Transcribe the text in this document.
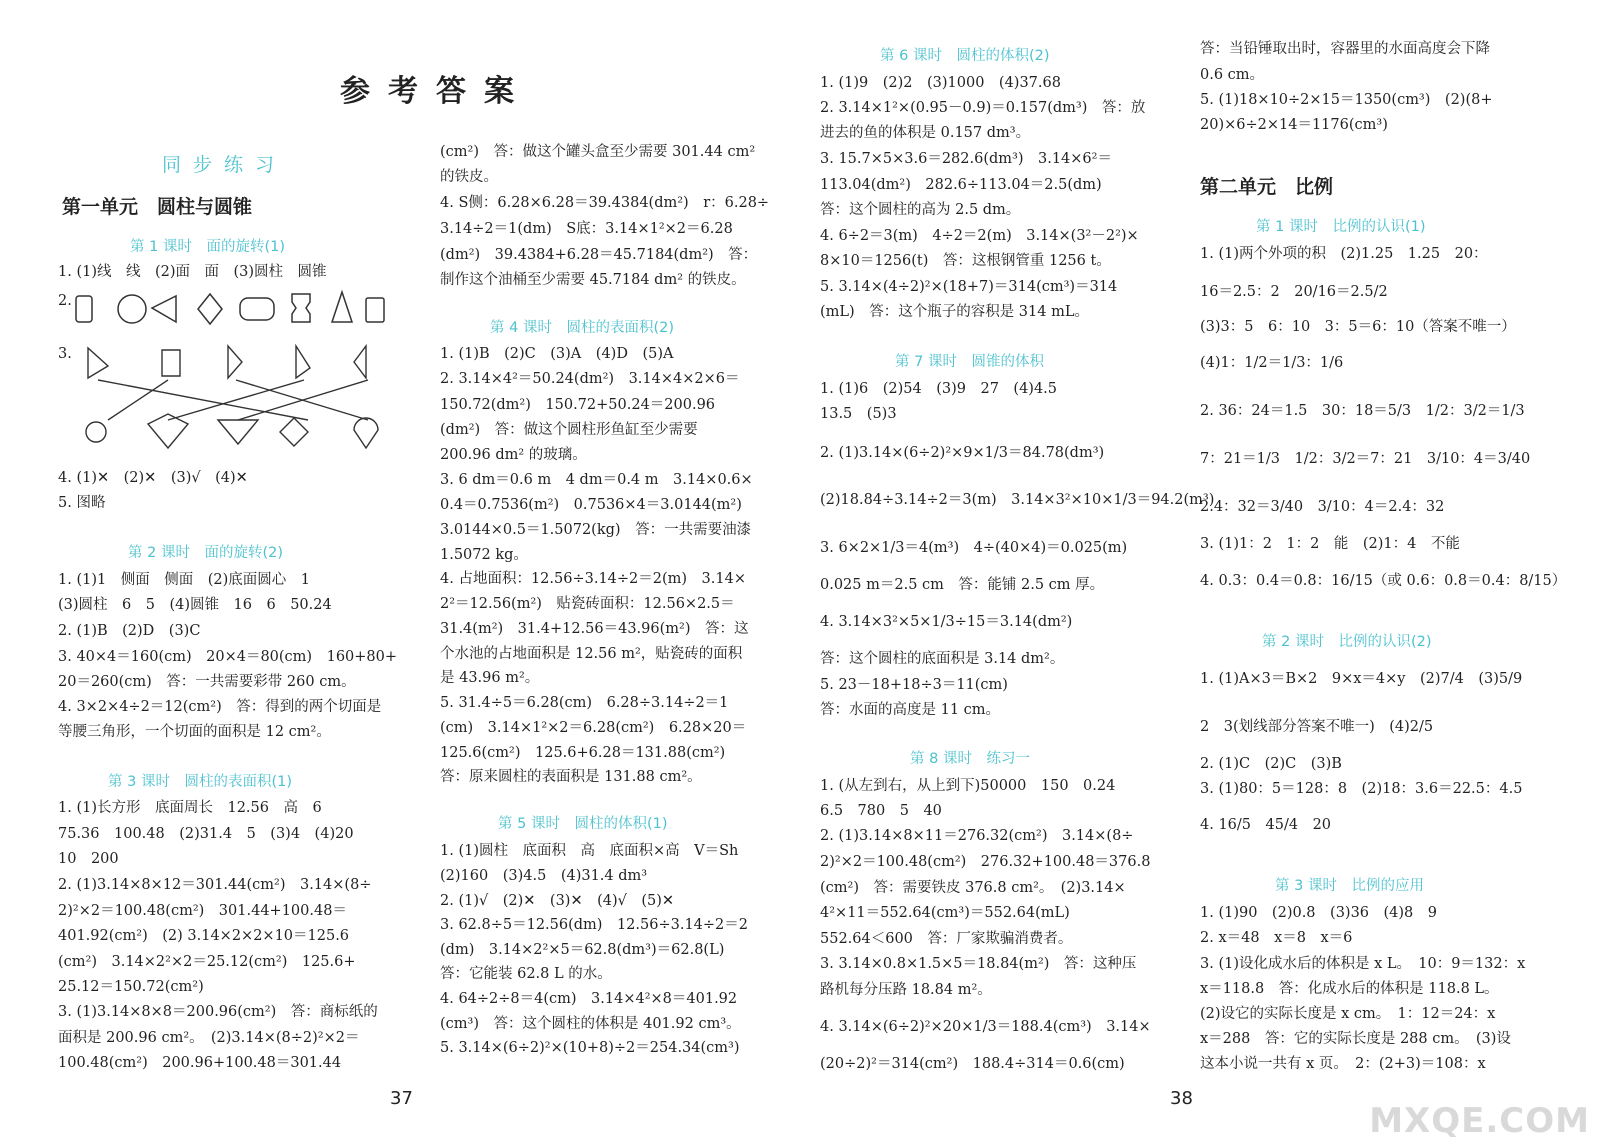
参考答案
同步练习
第一单元　圆柱与圆锥
第 1 课时　面的旋转(1)
1. (1)线　线　(2)面　面　(3)圆柱　圆锥
2.
3.
4. (1)✕　(2)✕　(3)√　(4)✕
5. 图略
第 2 课时　面的旋转(2)
1. (1)1　侧面　侧面　(2)底面圆心　1
(3)圆柱　6　5　(4)圆锥　16　6　50.24
2. (1)B　(2)D　(3)C
3. 40×4＝160(cm)　20×4＝80(cm)　160+80+
20＝260(cm)　答：一共需要彩带 260 cm。
4. 3×2×4÷2＝12(cm²)　答：得到的两个切面是
等腰三角形，一个切面的面积是 12 cm²。
第 3 课时　圆柱的表面积(1)
1. (1)长方形　底面周长　12.56　高　6
75.36　100.48　(2)31.4　5　(3)4　(4)20
10　200
2. (1)3.14×8×12＝301.44(cm²)　3.14×(8÷
2)²×2＝100.48(cm²)　301.44+100.48＝
401.92(cm²)　(2) 3.14×2×2×10＝125.6
(cm²)　3.14×2²×2＝25.12(cm²)　125.6+
25.12＝150.72(cm²)
3. (1)3.14×8×8＝200.96(cm²)　答：商标纸的
面积是 200.96 cm²。　(2)3.14×(8÷2)²×2＝
100.48(cm²)　200.96+100.48＝301.44
(cm²)　答：做这个罐头盒至少需要 301.44 cm²
的铁皮。
4. S侧：6.28×6.28＝39.4384(dm²)　r：6.28÷
3.14÷2＝1(dm)　S底：3.14×1²×2＝6.28
(dm²)　39.4384+6.28＝45.7184(dm²)　答：
制作这个油桶至少需要 45.7184 dm² 的铁皮。
第 4 课时　圆柱的表面积(2)
1. (1)B　(2)C　(3)A　(4)D　(5)A
2. 3.14×4²＝50.24(dm²)　3.14×4×2×6＝
150.72(dm²)　150.72+50.24＝200.96
(dm²)　答：做这个圆柱形鱼缸至少需要
200.96 dm² 的玻璃。
3. 6 dm＝0.6 m　4 dm＝0.4 m　3.14×0.6×
0.4＝0.7536(m²)　0.7536×4＝3.0144(m²)
3.0144×0.5＝1.5072(kg)　答：一共需要油漆
1.5072 kg。
4. 占地面积：12.56÷3.14÷2＝2(m)　3.14×
2²＝12.56(m²)　贴瓷砖面积：12.56×2.5＝
31.4(m²)　31.4+12.56＝43.96(m²)　答：这
个水池的占地面积是 12.56 m²，贴瓷砖的面积
是 43.96 m²。
5. 31.4÷5＝6.28(cm)　6.28÷3.14÷2＝1
(cm)　3.14×1²×2＝6.28(cm²)　6.28×20＝
125.6(cm²)　125.6+6.28＝131.88(cm²)
答：原来圆柱的表面积是 131.88 cm²。
第 5 课时　圆柱的体积(1)
1. (1)圆柱　底面积　高　底面积×高　V＝Sh
(2)160　(3)4.5　(4)31.4 dm³
2. (1)√　(2)✕　(3)✕　(4)√　(5)✕
3. 62.8÷5＝12.56(dm)　12.56÷3.14÷2＝2
(dm)　3.14×2²×5＝62.8(dm³)＝62.8(L)
答：它能装 62.8 L 的水。
4. 64÷2÷8＝4(cm)　3.14×4²×8＝401.92
(cm³)　答：这个圆柱的体积是 401.92 cm³。
5. 3.14×(6÷2)²×(10+8)÷2＝254.34(cm³)
37
第 6 课时　圆柱的体积(2)
1. (1)9　(2)2　(3)1000　(4)37.68
2. 3.14×1²×(0.95－0.9)＝0.157(dm³)　答：放
进去的鱼的体积是 0.157 dm³。
3. 15.7×5×3.6＝282.6(dm³)　3.14×6²＝
113.04(dm²)　282.6÷113.04＝2.5(dm)
答：这个圆柱的高为 2.5 dm。
4. 6÷2＝3(m)　4÷2＝2(m)　3.14×(3²－2²)×
8×10＝1256(t)　答：这根钢管重 1256 t。
5. 3.14×(4÷2)²×(18+7)＝314(cm³)＝314
(mL)　答：这个瓶子的容积是 314 mL。
第 7 课时　圆锥的体积
1. (1)6　(2)54　(3)9　27　(4)4.5
13.5　(5)3
2. (1)3.14×(6÷2)²×9×1/3＝84.78(dm³)
(2)18.84÷3.14÷2＝3(m)　3.14×3²×10×1/3＝94.2(m³)
3. 6×2×1/3＝4(m³)　4÷(40×4)＝0.025(m)
0.025 m＝2.5 cm　答：能铺 2.5 cm 厚。
4. 3.14×3²×5×1/3÷15＝3.14(dm²)
答：这个圆柱的底面积是 3.14 dm²。
5. 23－18+18÷3＝11(cm)
答：水面的高度是 11 cm。
第 8 课时　练习一
1. (从左到右，从上到下)50000　150　0.24
6.5　780　5　40
2. (1)3.14×8×11＝276.32(cm²)　3.14×(8÷
2)²×2＝100.48(cm²)　276.32+100.48＝376.8
(cm²)　答：需要铁皮 376.8 cm²。　(2)3.14×
4²×11＝552.64(cm³)＝552.64(mL)
552.64＜600　答：厂家欺骗消费者。
3. 3.14×0.8×1.5×5＝18.84(m²)　答：这种压
路机每分压路 18.84 m²。
4. 3.14×(6÷2)²×20×1/3＝188.4(cm³)　3.14×
(20÷2)²＝314(cm²)　188.4÷314＝0.6(cm)
答：当铅锤取出时，容器里的水面高度会下降
0.6 cm。
5. (1)18×10÷2×15＝1350(cm³)　(2)(8+
20)×6÷2×14＝1176(cm³)
第二单元　比例
第 1 课时　比例的认识(1)
1. (1)两个外项的积　(2)1.25　1.25　20：
16＝2.5：2　20/16＝2.5/2
(3)3：5　6：10　3：5＝6：10（答案不唯一）
(4)1：1/2＝1/3：1/6
2. 36：24＝1.5　30：18＝5/3　1/2：3/2＝1/3
7：21＝1/3　1/2：3/2＝7：21　3/10：4＝3/40
2.4：32＝3/40　3/10：4＝2.4：32
3. (1)1：2　1：2　能　(2)1：4　不能
4. 0.3：0.4＝0.8：16/15（或 0.6：0.8＝0.4：8/15）
第 2 课时　比例的认识(2)
1. (1)A×3＝B×2　9×x＝4×y　(2)7/4　(3)5/9
2　3(划线部分答案不唯一)　(4)2/5
2. (1)C　(2)C　(3)B
3. (1)80：5＝128：8　(2)18：3.6＝22.5：4.5
4. 16/5　45/4　20
第 3 课时　比例的应用
1. (1)90　(2)0.8　(3)36　(4)8　9
2. x＝48　x＝8　x＝6
3. (1)设化成水后的体积是 x L。　10：9＝132：x
x＝118.8　答：化成水后的体积是 118.8 L。
(2)设它的实际长度是 x cm。　1：12＝24：x
x＝288　答：它的实际长度是 288 cm。　(3)设
这本小说一共有 x 页。　2：(2+3)＝108：x
38
MXQE.COM
